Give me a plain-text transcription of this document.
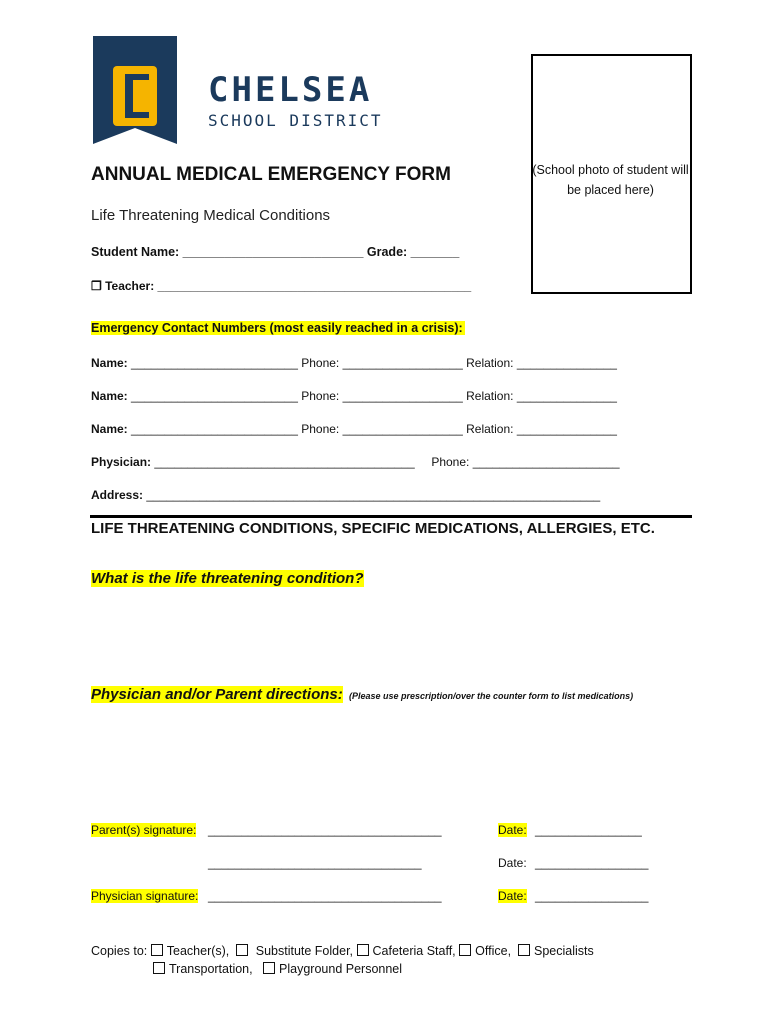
CHELSEA
SCHOOL DISTRICT
(School photo of student will be placed here)
ANNUAL MEDICAL EMERGENCY FORM
Life Threatening Medical Conditions
Student Name: __________________________ Grade: _______
❒ Teacher: _______________________________________________
Emergency Contact Numbers (most easily reached in a crisis):
Name: _________________________ Phone: __________________ Relation: _______________
Name: _________________________ Phone: __________________ Relation: _______________
Name: _________________________ Phone: __________________ Relation: _______________
Physician: _______________________________________ Phone: ______________________
Address: ____________________________________________________________________
LIFE THREATENING CONDITIONS, SPECIFIC MEDICATIONS, ALLERGIES, ETC.
What is the life threatening condition?
Physician and/or Parent directions: (Please use prescription/over the counter form to list medications)
Parent(s) signature: ___________________________________	Date: ________________
________________________________	Date: _________________
Physician signature: ___________________________________	Date: _________________
Copies to: Teacher(s), Substitute Folder, Cafeteria Staff, Office, Specialists
Transportation, Playground Personnel
